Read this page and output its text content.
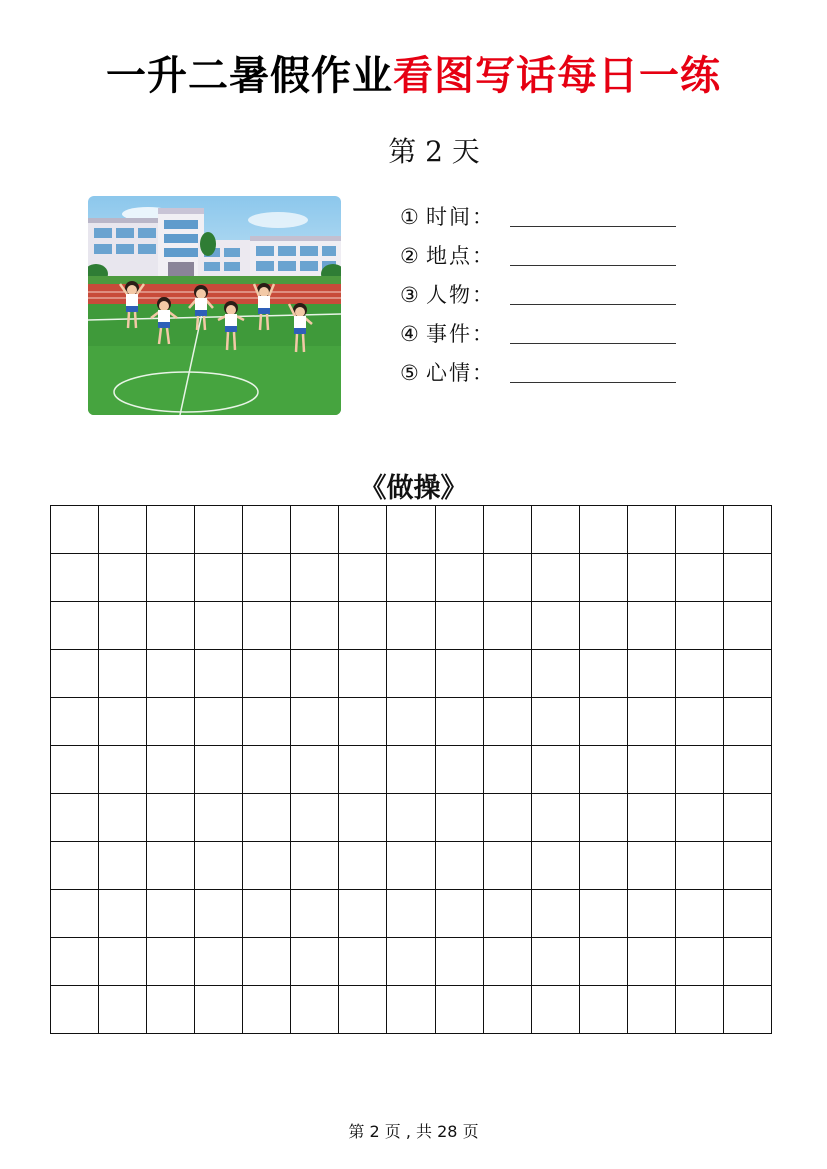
一升二暑假作业看图写话每日一练
第 2 天
① 时间：
② 地点：
③ 人物：
④ 事件：
⑤ 心情：
《做操》
第 2 页 , 共 28 页
